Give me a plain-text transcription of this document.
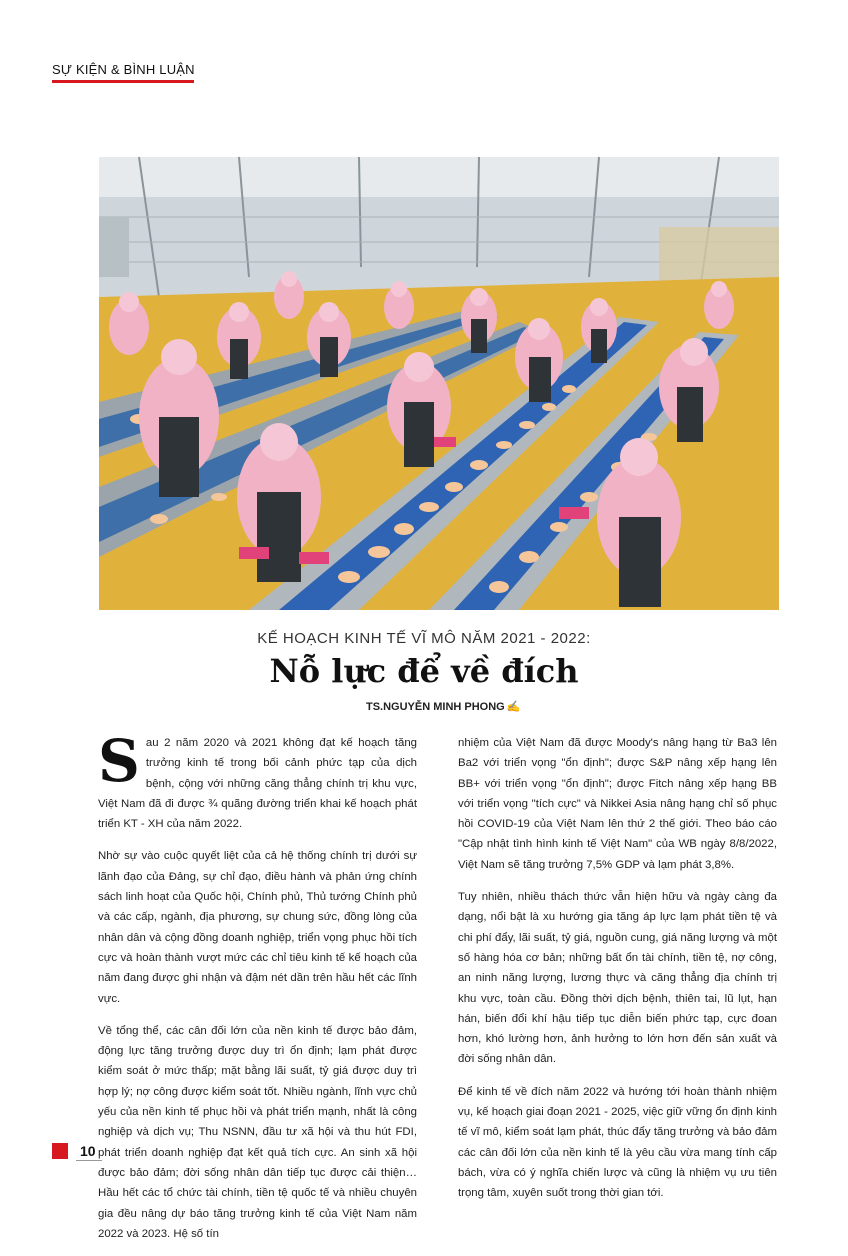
SỰ KIỆN & BÌNH LUẬN
KẾ HOẠCH KINH TẾ VĨ MÔ NĂM 2021 - 2022:
Nỗ lực để về đích
TS.NGUYỄN MINH PHONG ✍

Sau 2 năm 2020 và 2021 không đạt kế hoạch tăng trưởng kinh tế trong bối cảnh phức tạp của dịch bệnh, cộng với những căng thẳng chính trị khu vực, Việt Nam đã đi được ¾ quãng đường triển khai kế hoạch phát triển KT - XH của năm 2022.

Nhờ sự vào cuộc quyết liệt của cả hệ thống chính trị dưới sự lãnh đạo của Đảng, sự chỉ đạo, điều hành và phản ứng chính sách linh hoạt của Quốc hội, Chính phủ, Thủ tướng Chính phủ và các cấp, ngành, địa phương, sự chung sức, đồng lòng của nhân dân và cộng đồng doanh nghiệp, triển vọng phục hồi tích cực và hoàn thành vượt mức các chỉ tiêu kinh tế kế hoạch của năm đang được ghi nhận và đậm nét dần trên hầu hết các lĩnh vực.

Về tổng thể, các cân đối lớn của nền kinh tế được bảo đảm, động lực tăng trưởng được duy trì ổn định; lạm phát được kiểm soát ở mức thấp; mặt bằng lãi suất, tỷ giá được duy trì hợp lý; nợ công được kiểm soát tốt. Nhiều ngành, lĩnh vực chủ yếu của nền kinh tế phục hồi và phát triển mạnh, nhất là công nghiệp và dịch vụ; Thu NSNN, đầu tư xã hội và thu hút FDI, phát triển doanh nghiệp đạt kết quả tích cực. An sinh xã hội được bảo đảm; đời sống nhân dân tiếp tục được cải thiện… Hầu hết các tổ chức tài chính, tiền tệ quốc tế và nhiều chuyên gia đều nâng dự báo tăng trưởng kinh tế của Việt Nam năm 2022 và 2023. Hệ số tín

nhiệm của Việt Nam đã được Moody's nâng hạng từ Ba3 lên Ba2 với triển vọng "ổn định"; được S&P nâng xếp hạng lên BB+ với triển vọng "ổn định"; được Fitch nâng xếp hạng BB với triển vọng "tích cực" và Nikkei Asia nâng hạng chỉ số phục hồi COVID-19 của Việt Nam lên thứ 2 thế giới. Theo báo cáo "Cập nhật tình hình kinh tế Việt Nam" của WB ngày 8/8/2022, Việt Nam sẽ tăng trưởng 7,5% GDP và lạm phát 3,8%.

Tuy nhiên, nhiều thách thức vẫn hiện hữu và ngày càng đa dạng, nổi bật là xu hướng gia tăng áp lực lạm phát tiền tệ và chi phí đẩy, lãi suất, tỷ giá, nguồn cung, giá năng lượng và một số hàng hóa cơ bản; những bất ổn tài chính, tiền tệ, nợ công, an ninh năng lượng, lương thực và căng thẳng địa chính trị khu vực, toàn cầu. Đồng thời dịch bệnh, thiên tai, lũ lụt, hạn hán, biến đổi khí hậu tiếp tục diễn biến phức tạp, cực đoan hơn, khó lường hơn, ảnh hưởng to lớn hơn đến sản xuất và đời sống nhân dân.

Để kinh tế về đích năm 2022 và hướng tới hoàn thành nhiệm vụ, kế hoạch giai đoạn 2021 - 2025, việc giữ vững ổn định kinh tế vĩ mô, kiểm soát lạm phát, thúc đẩy tăng trưởng và bảo đảm các cân đối lớn của nền kinh tế là yêu cầu vừa mang tính cấp bách, vừa có ý nghĩa chiến lược và cũng là nhiệm vụ ưu tiên trọng tâm, xuyên suốt trong thời gian tới.

10
